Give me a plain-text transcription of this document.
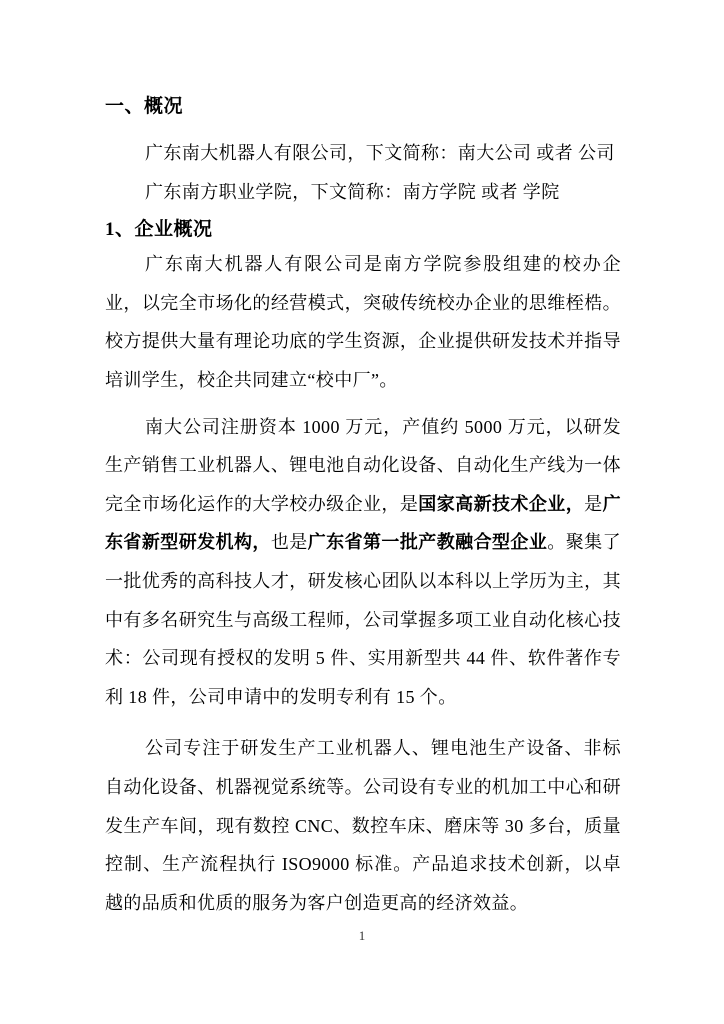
一、概况

广东南大机器人有限公司，下文简称：南大公司 或者 公司

广东南方职业学院，下文简称：南方学院 或者 学院

1、企业概况

广东南大机器人有限公司是南方学院参股组建的校办企业，以完全市场化的经营模式，突破传统校办企业的思维桎梏。校方提供大量有理论功底的学生资源，企业提供研发技术并指导培训学生，校企共同建立“校中厂”。

南大公司注册资本 1000 万元，产值约 5000 万元，以研发生产销售工业机器人、锂电池自动化设备、自动化生产线为一体完全市场化运作的大学校办级企业，是国家高新技术企业，是广东省新型研发机构，也是广东省第一批产教融合型企业。聚集了一批优秀的高科技人才，研发核心团队以本科以上学历为主，其中有多名研究生与高级工程师，公司掌握多项工业自动化核心技术：公司现有授权的发明 5 件、实用新型共 44 件、软件著作专利 18 件，公司申请中的发明专利有 15 个。

公司专注于研发生产工业机器人、锂电池生产设备、非标自动化设备、机器视觉系统等。公司设有专业的机加工中心和研发生产车间，现有数控 CNC、数控车床、磨床等 30 多台，质量控制、生产流程执行 ISO9000 标准。产品追求技术创新，以卓越的品质和优质的服务为客户创造更高的经济效益。

1
